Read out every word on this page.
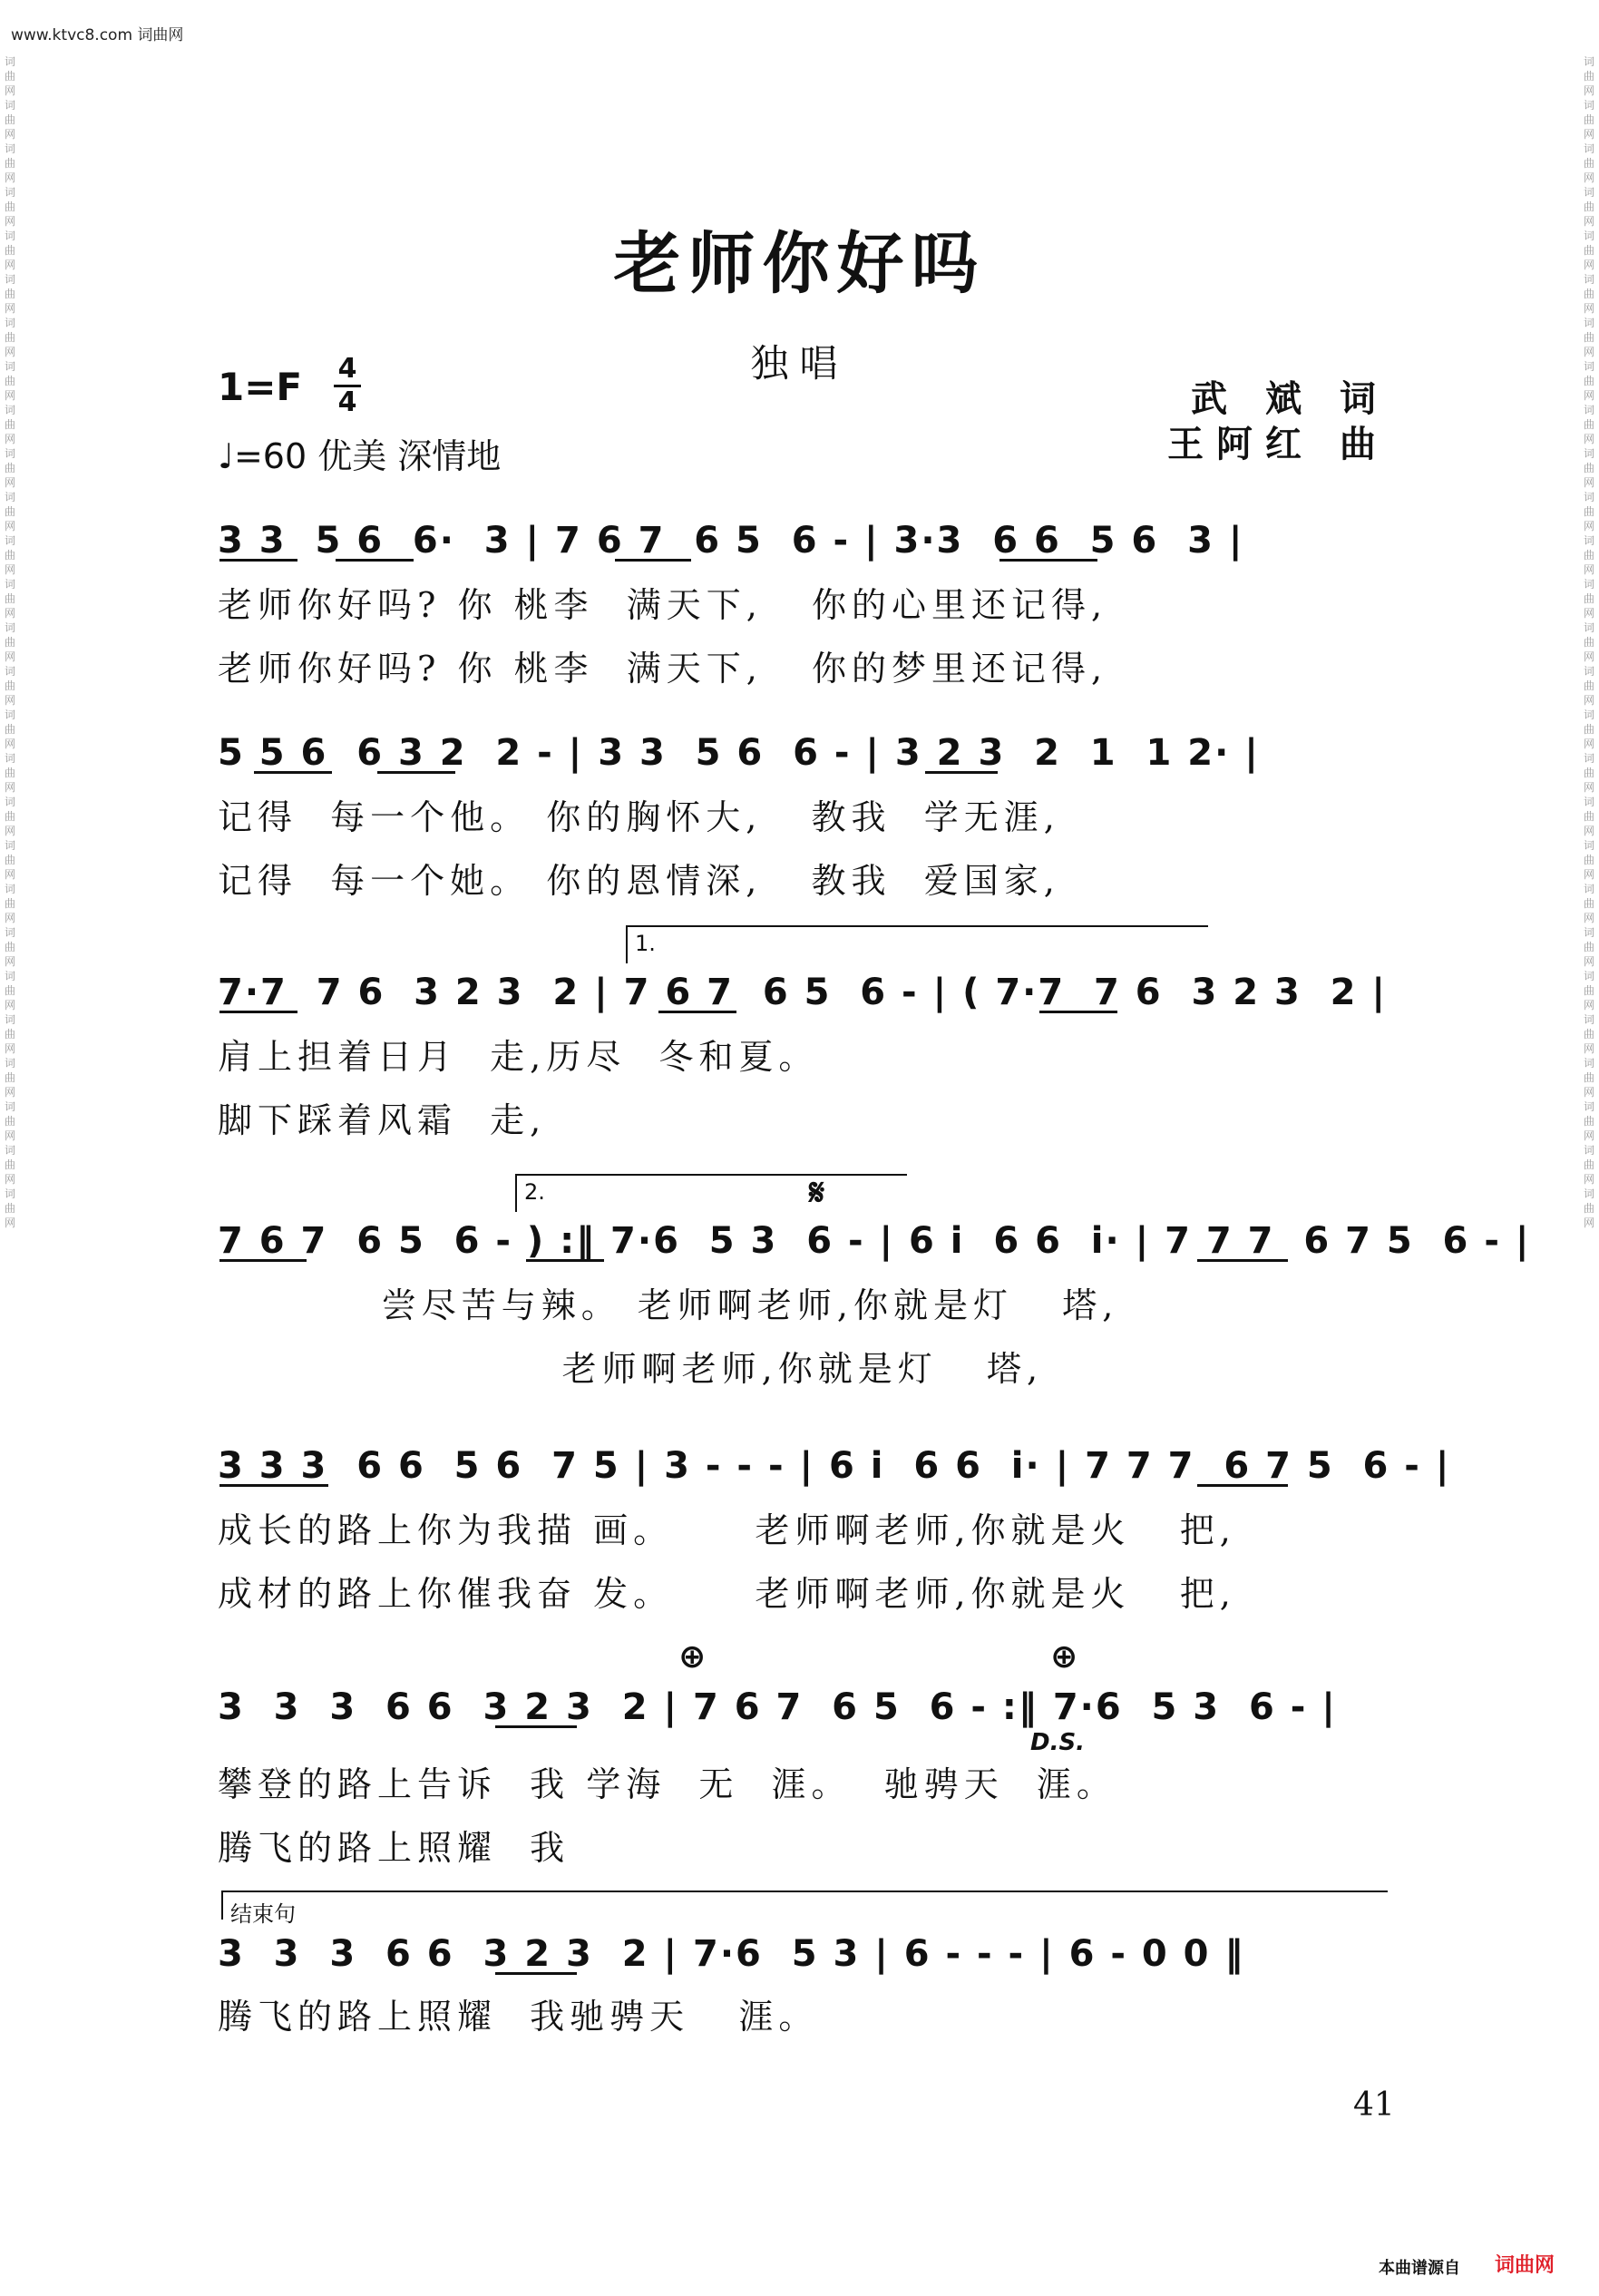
www.ktvc8.com 词曲网
词曲网词曲网词曲网词曲网词曲网词曲网词曲网词曲网词曲网词曲网词曲网词曲网词曲网词曲网词曲网词曲网词曲网词曲网词曲网词曲网词曲网词曲网词曲网词曲网词曲网词曲网词曲网
词曲网词曲网词曲网词曲网词曲网词曲网词曲网词曲网词曲网词曲网词曲网词曲网词曲网词曲网词曲网词曲网词曲网词曲网词曲网词曲网词曲网词曲网词曲网词曲网词曲网词曲网词曲网
老师你好吗
独唱
1=F 4
4
♩=60 优美 深情地
武 斌 词
王阿红 曲
3 3  5 6  6·  3 | 7 6 7  6 5  6 - | 3·3  6 6  5 6  3 |
老师你好吗? 你 桃李  满天下,   你的心里还记得,
老师你好吗? 你 桃李  满天下,   你的梦里还记得,
5 5 6  6 3 2  2 - | 3 3  5 6  6 - | 3 2 3  2  1  1 2· |
记得  每一个他。 你的胸怀大,   教我  学无涯,
记得  每一个她。 你的恩情深,   教我  爱国家,
1.
7·7  7 6  3 2 3  2 | 7 6 7  6 5  6 - | ( 7·7  7 6  3 2 3  2 |
肩上担着日月  走,历尽  冬和夏。
脚下踩着风霜  走,
2.	𝄋
7 6 7  6 5  6 - ) :‖ 7·6  5 3  6 - | 6 i  6 6  i· | 7 7 7  6 7 5  6 - |
尝尽苦与辣。 老师啊老师,你就是灯   塔,
老师啊老师,你就是灯   塔,
3 3 3  6 6  5 6  7 5 | 3 - - - | 6 i  6 6  i· | 7 7 7  6 7 5  6 - |
成长的路上你为我描 画。     老师啊老师,你就是火   把,
成材的路上你催我奋 发。     老师啊老师,你就是火   把,
⊕	⊕
3  3  3  6 6  3 2 3  2 | 7 6 7  6 5  6 - :‖ 7·6  5 3  6 - |
D.S.
攀登的路上告诉  我 学海  无  涯。  驰骋天  涯。
腾飞的路上照耀  我
结束句
3  3  3  6 6  3 2 3  2 | 7·6  5 3 | 6 - - - | 6 - 0 0 ‖
腾飞的路上照耀  我驰骋天   涯。
41
本曲谱源自 词曲网
